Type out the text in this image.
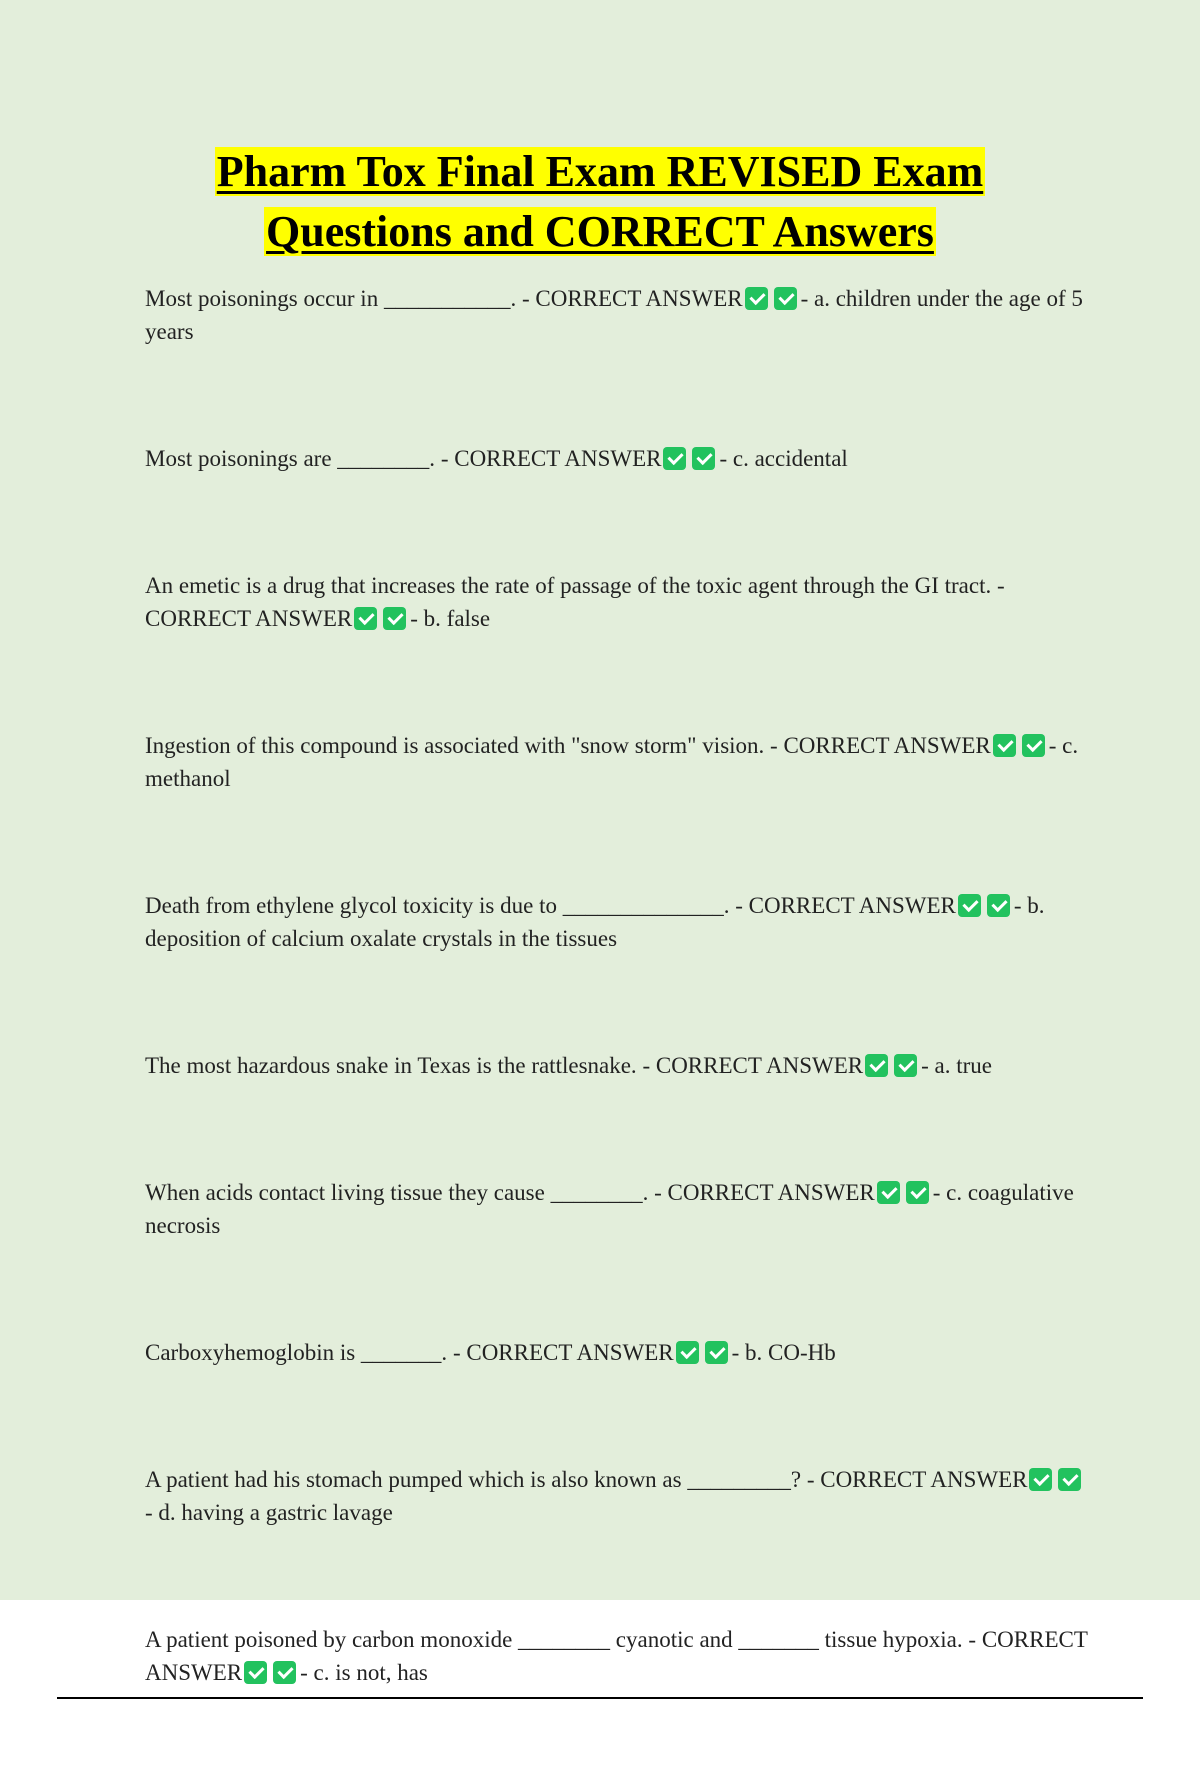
Pharm Tox Final Exam REVISED Exam
Questions and CORRECT Answers

Most poisonings occur in ___________. - CORRECT ANSWER	- a. children under the age of 5 years

Most poisonings are ________. - CORRECT ANSWER	- c. accidental

An emetic is a drug that increases the rate of passage of the toxic agent through the GI tract. - CORRECT ANSWER	- b. false

Ingestion of this compound is associated with "snow storm" vision. - CORRECT ANSWER	- c. methanol

Death from ethylene glycol toxicity is due to ______________. - CORRECT ANSWER	- b. deposition of calcium oxalate crystals in the tissues

The most hazardous snake in Texas is the rattlesnake. - CORRECT ANSWER	- a. true

When acids contact living tissue they cause ________. - CORRECT ANSWER	- c. coagulative necrosis

Carboxyhemoglobin is _______. - CORRECT ANSWER	- b. CO-Hb

A patient had his stomach pumped which is also known as _________? - CORRECT ANSWER- d. having a gastric lavage

A patient poisoned by carbon monoxide ________ cyanotic and _______ tissue hypoxia. - CORRECT ANSWER	- c. is not, has
